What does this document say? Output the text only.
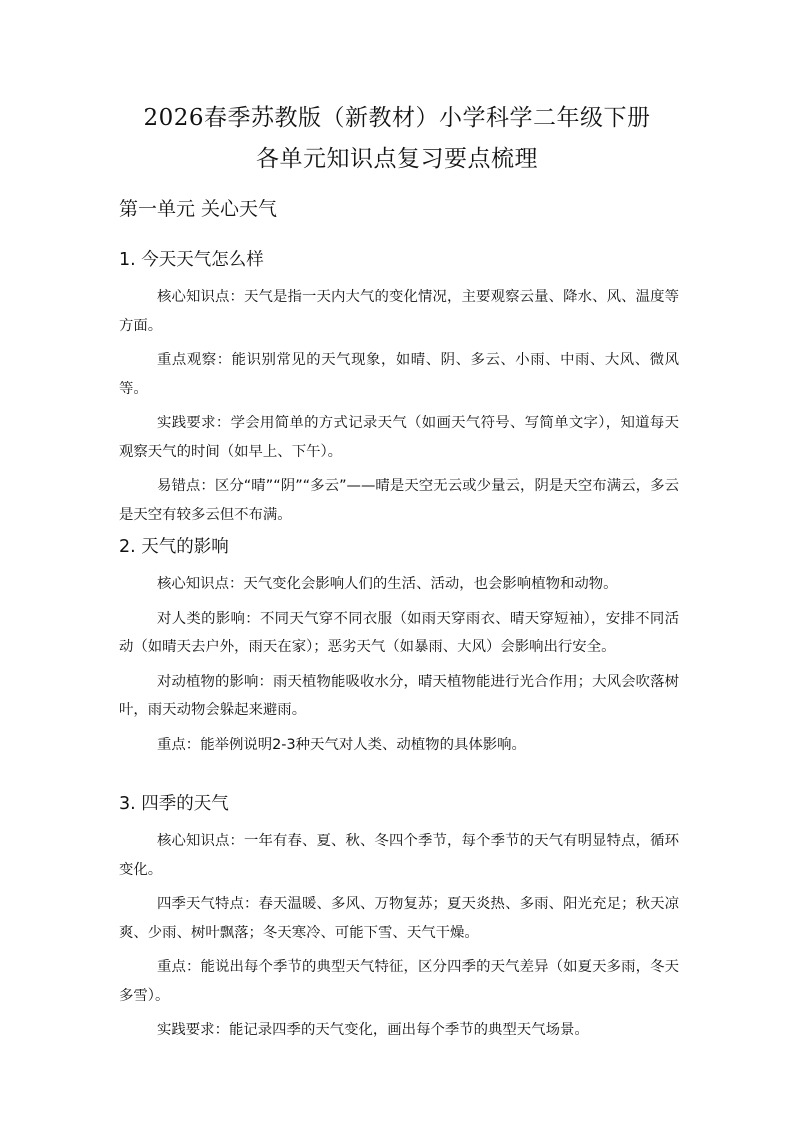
2026春季苏教版（新教材）小学科学二年级下册
各单元知识点复习要点梳理
第一单元 关心天气
1. 今天天气怎么样

核心知识点 ： 天气是指一天内大气的变化情况，主要观察云量、降水、风、温度等方面。

重点观察 ： 能识别常见的天气现象，如晴、阴、多云、小雨、中雨、大风、微风等。

实践要求 ： 学会用简单的方式记录天气（如画天气符号、写简单文字），知道每天观察天气的时间（如早上、下午）。

易错点 ： 区分“晴”“阴”“多云”——晴是天空无云或少量云，阴是天空布满云，多云是天空有较多云但不布满。

2. 天气的影响

核心知识点 ： 天气变化会影响人们的生活、活动，也会影响植物和动物。

对人类的影响 ： 不同天气穿不同衣服（如雨天穿雨衣、晴天穿短袖），安排不同活动（如晴天去户外，雨天在家）；恶劣天气（如暴雨、大风）会影响出行安全。

对动植物的影响 ： 雨天植物能吸收水分，晴天植物能进行光合作用；大风会吹落树叶，雨天动物会躲起来避雨。

重点 ： 能举例说明2-3种天气对人类、动植物的具体影响。

3. 四季的天气

核心知识点 ： 一年有春、夏、秋、冬四个季节，每个季节的天气有明显特点，循环变化。

四季天气特点 ： 春天温暖、多风、万物复苏；夏天炎热、多雨、阳光充足；秋天凉爽、少雨、树叶飘落；冬天寒冷、可能下雪、天气干燥。

重点 ： 能说出每个季节的典型天气特征，区分四季的天气差异（如夏天多雨，冬天多雪）。

实践要求 ： 能记录四季的天气变化，画出每个季节的典型天气场景。
